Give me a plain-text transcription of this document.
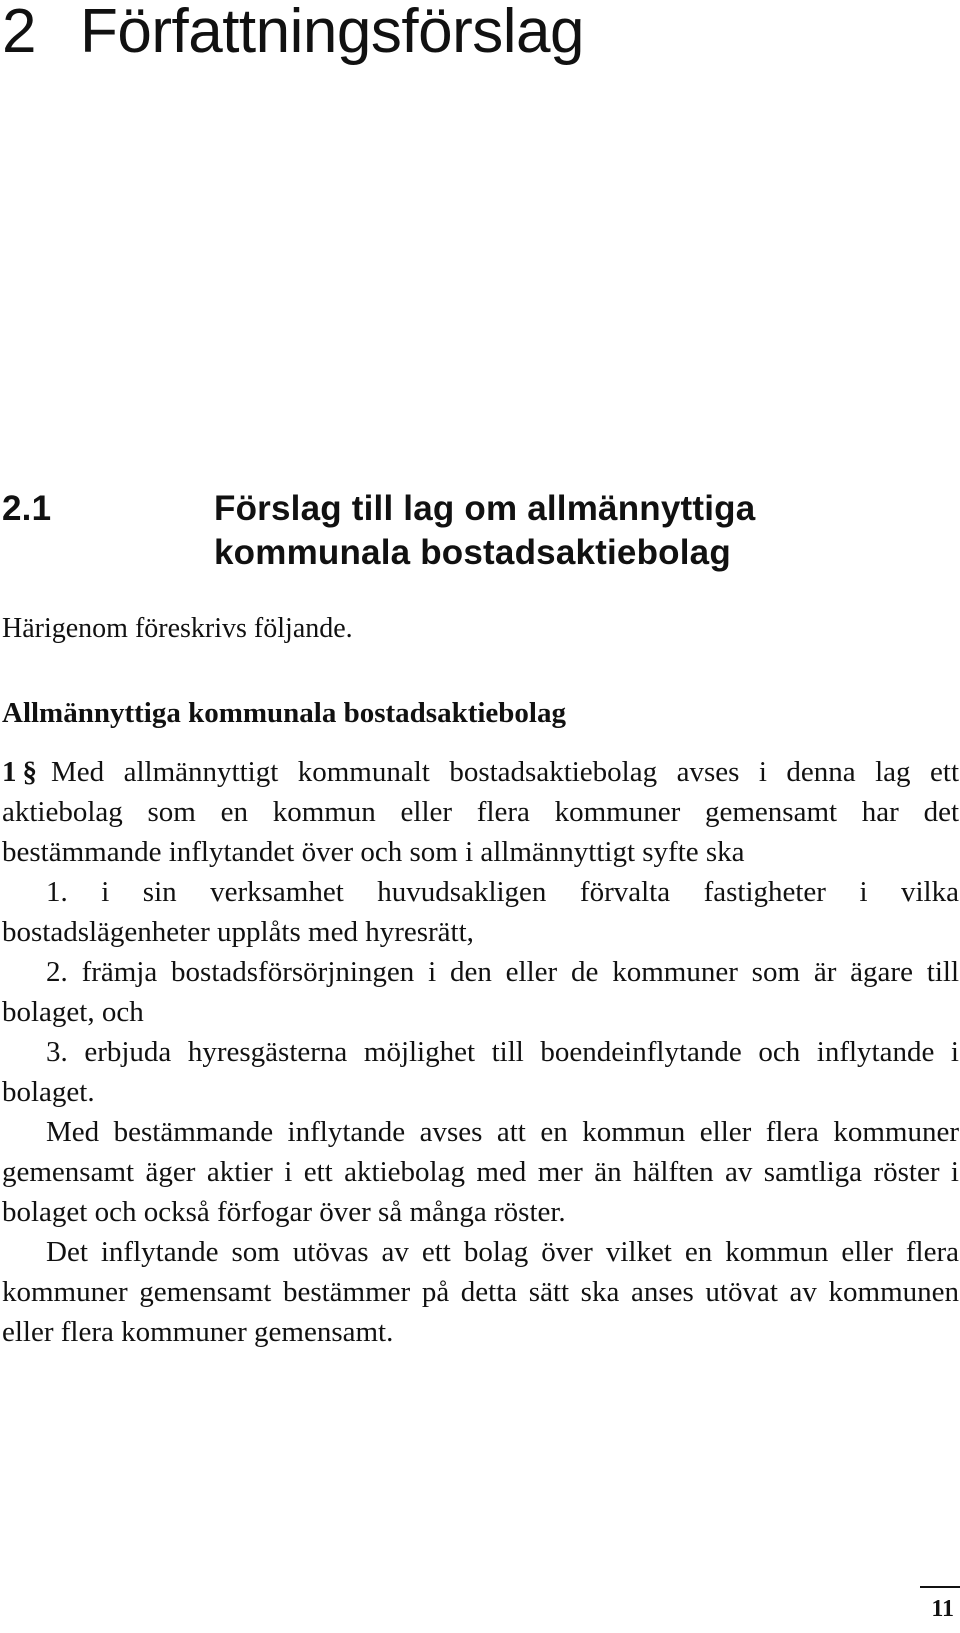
2 Författningsförslag
2.1	Förslag till lag om allmännyttiga kommunala bostadsaktiebolag
Härigenom föreskrivs följande.
Allmännyttiga kommunala bostadsaktiebolag

1 § Med allmännyttigt kommunalt bostadsaktiebolag avses i denna lag ett aktiebolag som en kommun eller flera kommuner gemensamt har det bestämmande inflytandet över och som i allmännyttigt syfte ska

1. i sin verksamhet huvudsakligen förvalta fastigheter i vilka bostadslägenheter upplåts med hyresrätt,

2. främja bostadsförsörjningen i den eller de kommuner som är ägare till bolaget, och

3. erbjuda hyresgästerna möjlighet till boendeinflytande och inflytande i bolaget.

Med bestämmande inflytande avses att en kommun eller flera kommuner gemensamt äger aktier i ett aktiebolag med mer än hälften av samtliga röster i bolaget och också förfogar över så många röster.

Det inflytande som utövas av ett bolag över vilket en kommun eller flera kommuner gemensamt bestämmer på detta sätt ska anses utövat av kommunen eller flera kommuner gemensamt.

11
